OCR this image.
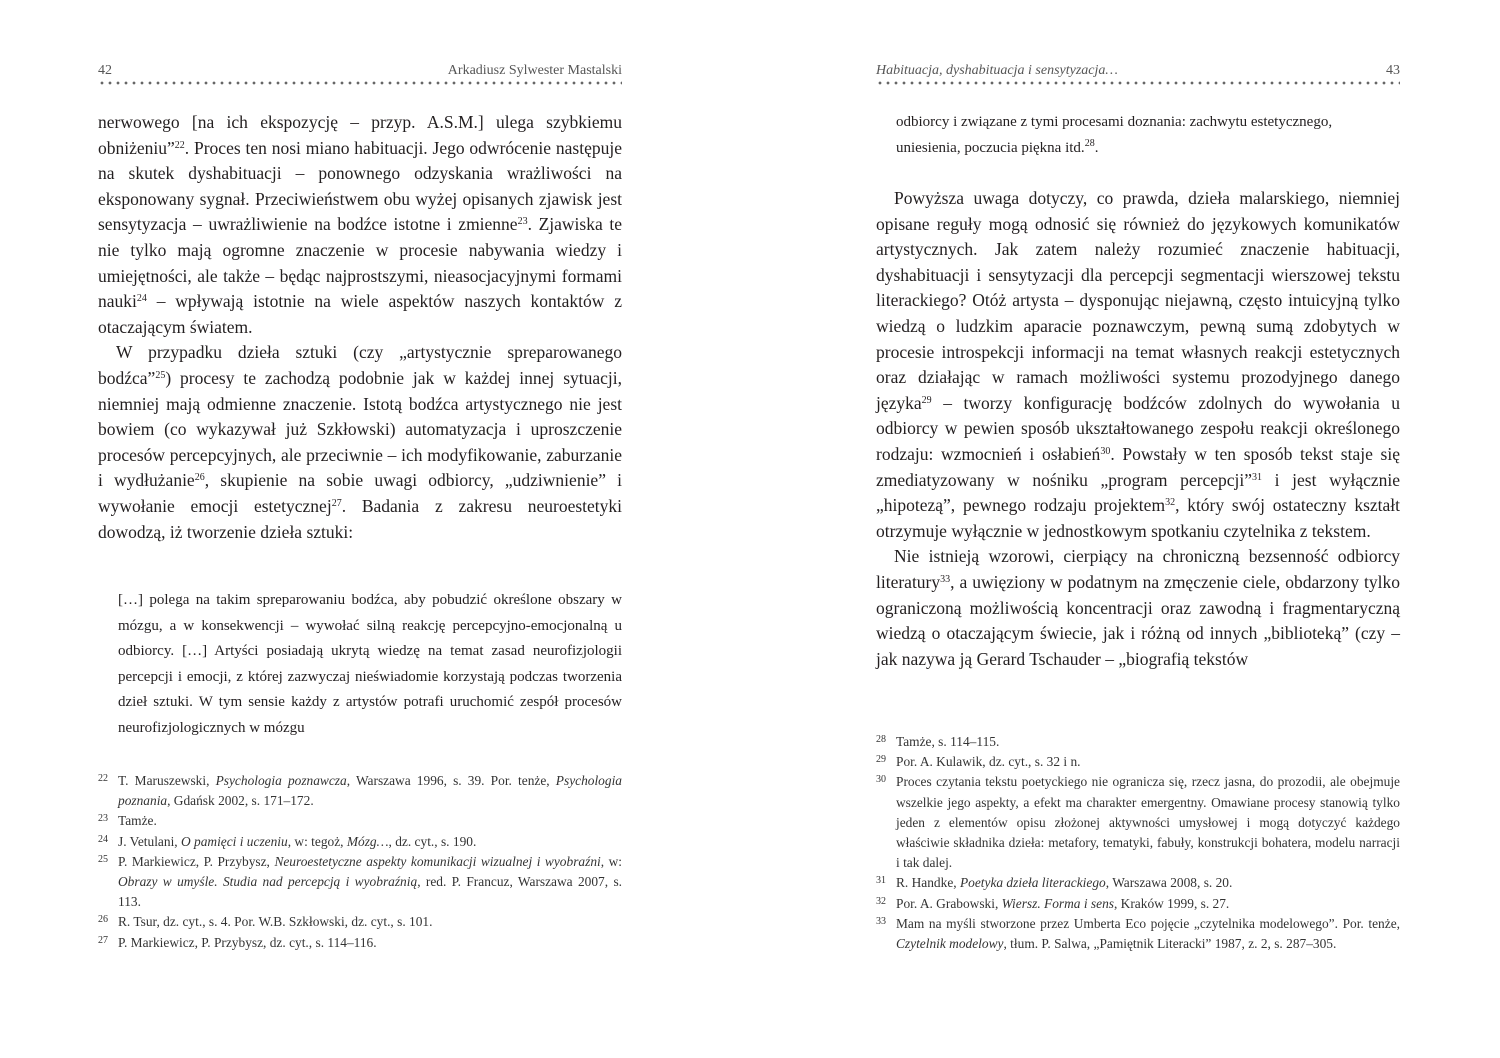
42	Arkadiusz Sylwester Mastalski

nerwowego [na ich ekspozycję – przyp. A.S.M.] ulega szybkiemu obniżeniu”$^{22}$. Proces ten nosi miano habituacji. Jego odwrócenie następuje na skutek dyshabituacji – ponownego odzyskania wrażliwości na eksponowany sygnał. Przeciwieństwem obu wyżej opisanych zjawisk jest sensytyzacja – uwrażliwienie na bodźce istotne i zmienne$^{23}$. Zjawiska te nie tylko mają ogromne znaczenie w procesie nabywania wiedzy i umiejętności, ale także – będąc najprostszymi, nieasocjacyjnymi formami nauki$^{24}$ – wpływają istotnie na wiele aspektów naszych kontaktów z otaczającym światem.

W przypadku dzieła sztuki (czy „artystycznie spreparowanego bodźca”$^{25}$) procesy te zachodzą podobnie jak w każdej innej sytuacji, niemniej mają odmienne znaczenie. Istotą bodźca artystycznego nie jest bowiem (co wykazywał już Szkłowski) automatyzacja i uproszczenie procesów percepcyjnych, ale przeciwnie – ich modyfikowanie, zaburzanie i wydłużanie$^{26}$, skupienie na sobie uwagi odbiorcy, „udziwnienie” i wywołanie emocji estetycznej$^{27}$. Badania z zakresu neuroestetyki dowodzą, iż tworzenie dzieła sztuki:

[…] polega na takim spreparowaniu bodźca, aby pobudzić określone obszary w mózgu, a w konsekwencji – wywołać silną reakcję percepcyjno-emocjonalną u odbiorcy. […] Artyści posiadają ukrytą wiedzę na temat zasad neurofizjologii percepcji i emocji, z której zazwyczaj nieświadomie korzystają podczas tworzenia dzieł sztuki. W tym sensie każdy z artystów potrafi uruchomić zespół procesów neurofizjologicznych w mózgu

22 T. Maruszewski, Psychologia poznawcza, Warszawa 1996, s. 39. Por. tenże, Psychologia poznania, Gdańsk 2002, s. 171–172.
23 Tamże.
24 J. Vetulani, O pamięci i uczeniu, w: tegoż, Mózg…, dz. cyt., s. 190.
25 P. Markiewicz, P. Przybysz, Neuroestetyczne aspekty komunikacji wizualnej i wyobraźni, w: Obrazy w umyśle. Studia nad percepcją i wyobraźnią, red. P. Francuz, Warszawa 2007, s. 113.
26 R. Tsur, dz. cyt., s. 4. Por. W.B. Szkłowski, dz. cyt., s. 101.
27 P. Markiewicz, P. Przybysz, dz. cyt., s. 114–116.
Habituacja, dyshabituacja i sensytyzacja…	43
odbiorcy i związane z tymi procesami doznania: zachwytu estetycznego, uniesienia, poczucia piękna itd.$^{28}$.

Powyższa uwaga dotyczy, co prawda, dzieła malarskiego, niemniej opisane reguły mogą odnosić się również do językowych komunikatów artystycznych. Jak zatem należy rozumieć znaczenie habituacji, dyshabituacji i sensytyzacji dla percepcji segmentacji wierszowej tekstu literackiego? Otóż artysta – dysponując niejawną, często intuicyjną tylko wiedzą o ludzkim aparacie poznawczym, pewną sumą zdobytych w procesie introspekcji informacji na temat własnych reakcji estetycznych oraz działając w ramach możliwości systemu prozodyjnego danego języka$^{29}$ – tworzy konfigurację bodźców zdolnych do wywołania u odbiorcy w pewien sposób ukształtowanego zespołu reakcji określonego rodzaju: wzmocnień i osłabień$^{30}$. Powstały w ten sposób tekst staje się zmediatyzowany w nośniku „program percepcji”$^{31}$ i jest wyłącznie „hipotezą”, pewnego rodzaju projektem$^{32}$, który swój ostateczny kształt otrzymuje wyłącznie w jednostkowym spotkaniu czytelnika z tekstem.

Nie istnieją wzorowi, cierpiący na chroniczną bezsenność odbiorcy literatury$^{33}$, a uwięziony w podatnym na zmęczenie ciele, obdarzony tylko ograniczoną możliwością koncentracji oraz zawodną i fragmentaryczną wiedzą o otaczającym świecie, jak i różną od innych „biblioteką” (czy – jak nazywa ją Gerard Tschauder – „biografią tekstów

28 Tamże, s. 114–115.
29 Por. A. Kulawik, dz. cyt., s. 32 i n.
30 Proces czytania tekstu poetyckiego nie ogranicza się, rzecz jasna, do prozodii, ale obejmuje wszelkie jego aspekty, a efekt ma charakter emergentny. Omawiane procesy stanowią tylko jeden z elementów opisu złożonej aktywności umysłowej i mogą dotyczyć każdego właściwie składnika dzieła: metafory, tematyki, fabuły, konstrukcji bohatera, modelu narracji i tak dalej.
31 R. Handke, Poetyka dzieła literackiego, Warszawa 2008, s. 20.
32 Por. A. Grabowski, Wiersz. Forma i sens, Kraków 1999, s. 27.
33 Mam na myśli stworzone przez Umberta Eco pojęcie „czytelnika modelowego”. Por. tenże, Czytelnik modelowy, tłum. P. Salwa, „Pamiętnik Literacki” 1987, z. 2, s. 287–305.
